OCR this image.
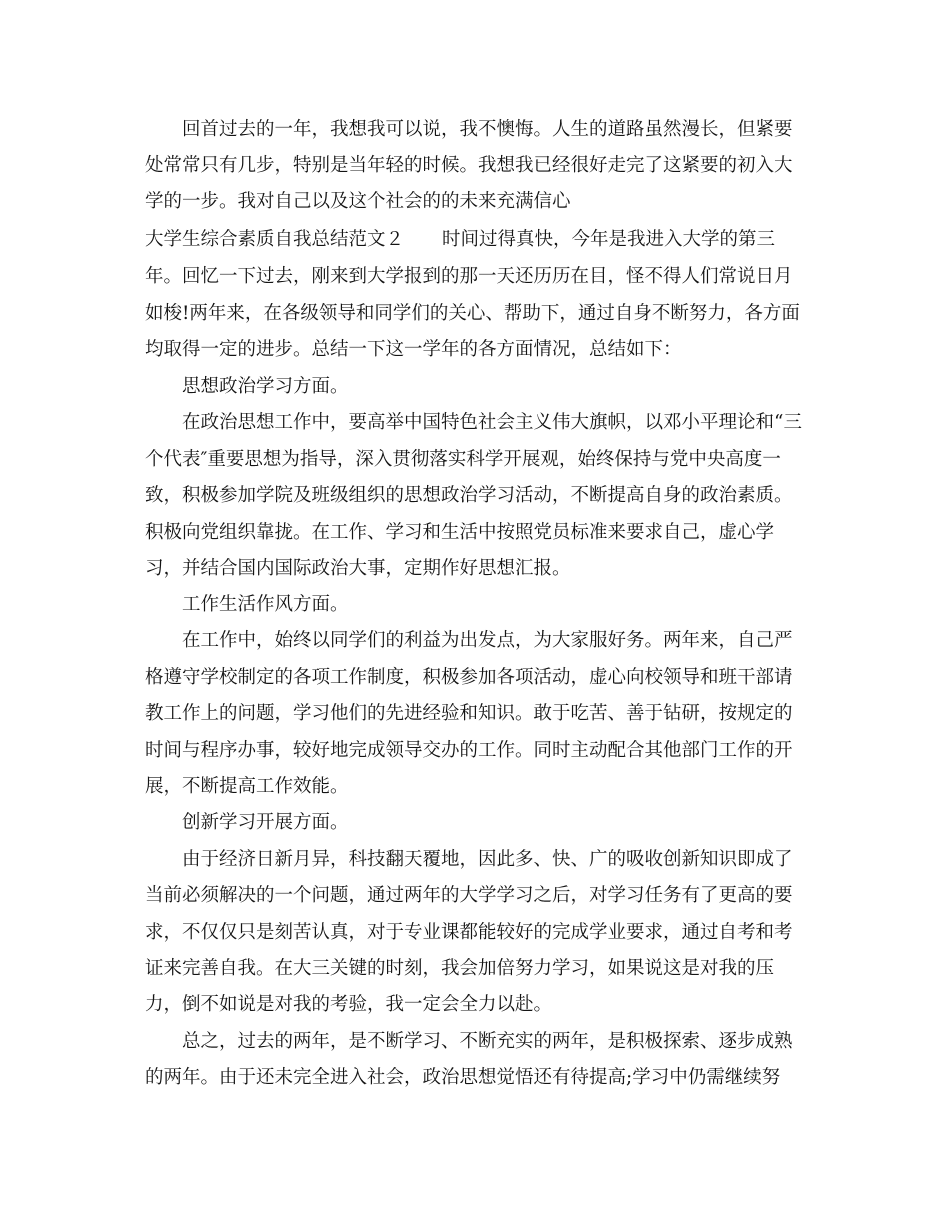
回首过去的一年，我想我可以说，我不懊悔。人生的道路虽然漫长，但紧要
处常常只有几步，特别是当年轻的时候。我想我已经很好走完了这紧要的初入大
学的一步。我对自己以及这个社会的的未来充满信心
大学生综合素质自我总结范文２ 时间过得真快，今年是我进入大学的第三
年。回忆一下过去，刚来到大学报到的那一天还历历在目，怪不得人们常说日月
如梭!两年来，在各级领导和同学们的关心、帮助下，通过自身不断努力，各方面
均取得一定的进步。总结一下这一学年的各方面情况，总结如下：
思想政治学习方面。
在政治思想工作中，要高举中国特色社会主义伟大旗帜，以邓小平理论和“三
个代表″重要思想为指导，深入贯彻落实科学开展观，始终保持与党中央高度一
致，积极参加学院及班级组织的思想政治学习活动，不断提高自身的政治素质。
积极向党组织靠拢。在工作、学习和生活中按照党员标准来要求自己，虚心学
习，并结合国内国际政治大事，定期作好思想汇报。
工作生活作风方面。
在工作中，始终以同学们的利益为出发点，为大家服好务。两年来，自己严
格遵守学校制定的各项工作制度，积极参加各项活动，虚心向校领导和班干部请
教工作上的问题，学习他们的先进经验和知识。敢于吃苦、善于钻研，按规定的
时间与程序办事，较好地完成领导交办的工作。同时主动配合其他部门工作的开
展，不断提高工作效能。
创新学习开展方面。
由于经济日新月异，科技翻天覆地，因此多、快、广的吸收创新知识即成了
当前必须解决的一个问题，通过两年的大学学习之后，对学习任务有了更高的要
求，不仅仅只是刻苦认真，对于专业课都能较好的完成学业要求，通过自考和考
证来完善自我。在大三关键的时刻，我会加倍努力学习，如果说这是对我的压
力，倒不如说是对我的考验，我一定会全力以赴。
总之，过去的两年，是不断学习、不断充实的两年，是积极探索、逐步成熟
的两年。由于还未完全进入社会，政治思想觉悟还有待提高;学习中仍需继续努
